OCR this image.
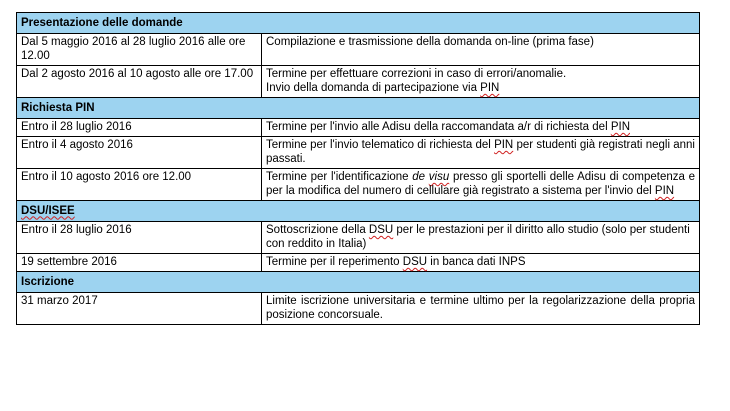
Presentazione delle domande	
Dal 5 maggio 2016 al 28 luglio 2016 alle ore 12.00	Compilazione e trasmissione della domanda on-line (prima fase)
Dal 2 agosto 2016 al 10 agosto alle ore 17.00	Termine per effettuare correzioni in caso di errori/anomalie.
Invio della domanda di partecipazione via PIN

Richiesta PIN	
Entro il 28 luglio 2016	Termine per l'invio alle Adisu della raccomandata a/r di richiesta del PIN
Entro il 4 agosto 2016	Termine per l'invio telematico di richiesta del PIN per studenti già registrati negli anni passati.
Entro il 10 agosto 2016 ore 12.00	Termine per l'identificazione de visu presso gli sportelli delle Adisu di competenza e per la modifica del numero di cellulare già registrato a sistema per l'invio del PIN
DSU/ISEE	
Entro il 28 luglio 2016	Sottoscrizione della DSU per le prestazioni per il diritto allo studio (solo per studenti con reddito in Italia)
19 settembre 2016	Termine per il reperimento DSU in banca dati INPS
Iscrizione	
31 marzo 2017	Limite iscrizione universitaria e termine ultimo per la regolarizzazione della propria posizione concorsuale.
